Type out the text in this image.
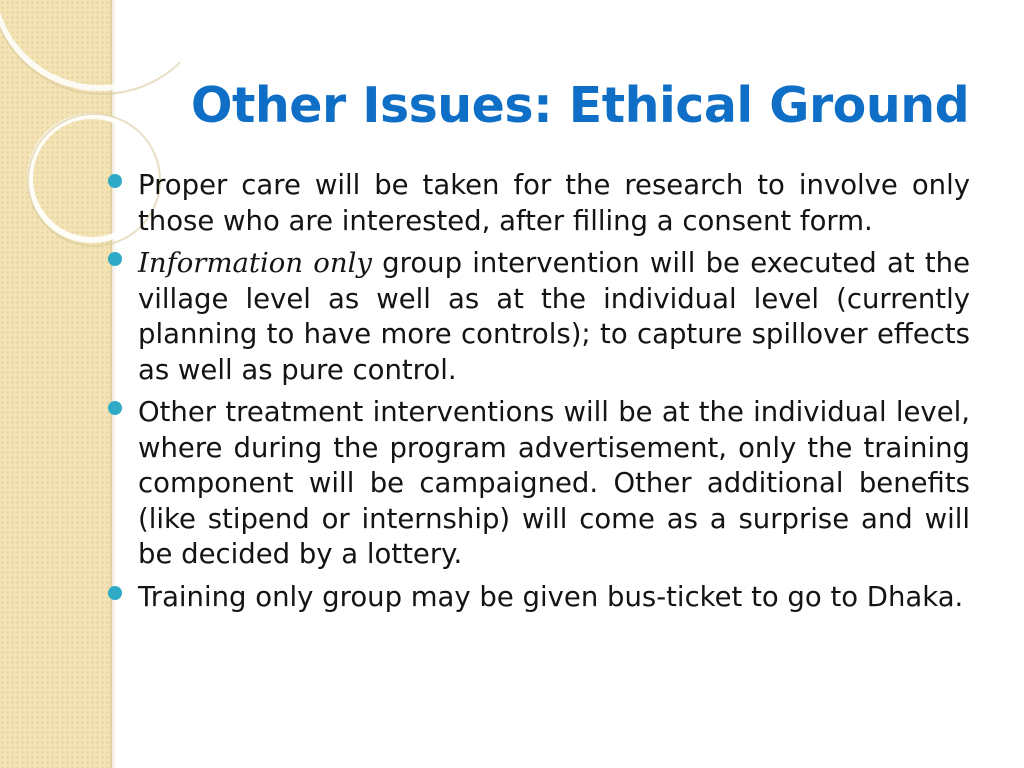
Other Issues: Ethical Ground
Proper care will be taken for the research to involve only those who are interested, after filling a consent form.
Information only group intervention will be executed at the village level as well as at the individual level (currently planning to have more controls); to capture spillover effects as well as pure control.
Other treatment interventions will be at the individual level, where during the program advertisement, only the training component will be campaigned. Other additional benefits (like stipend or internship) will come as a surprise and will be decided by a lottery.
Training only group may be given bus-ticket to go to Dhaka.
